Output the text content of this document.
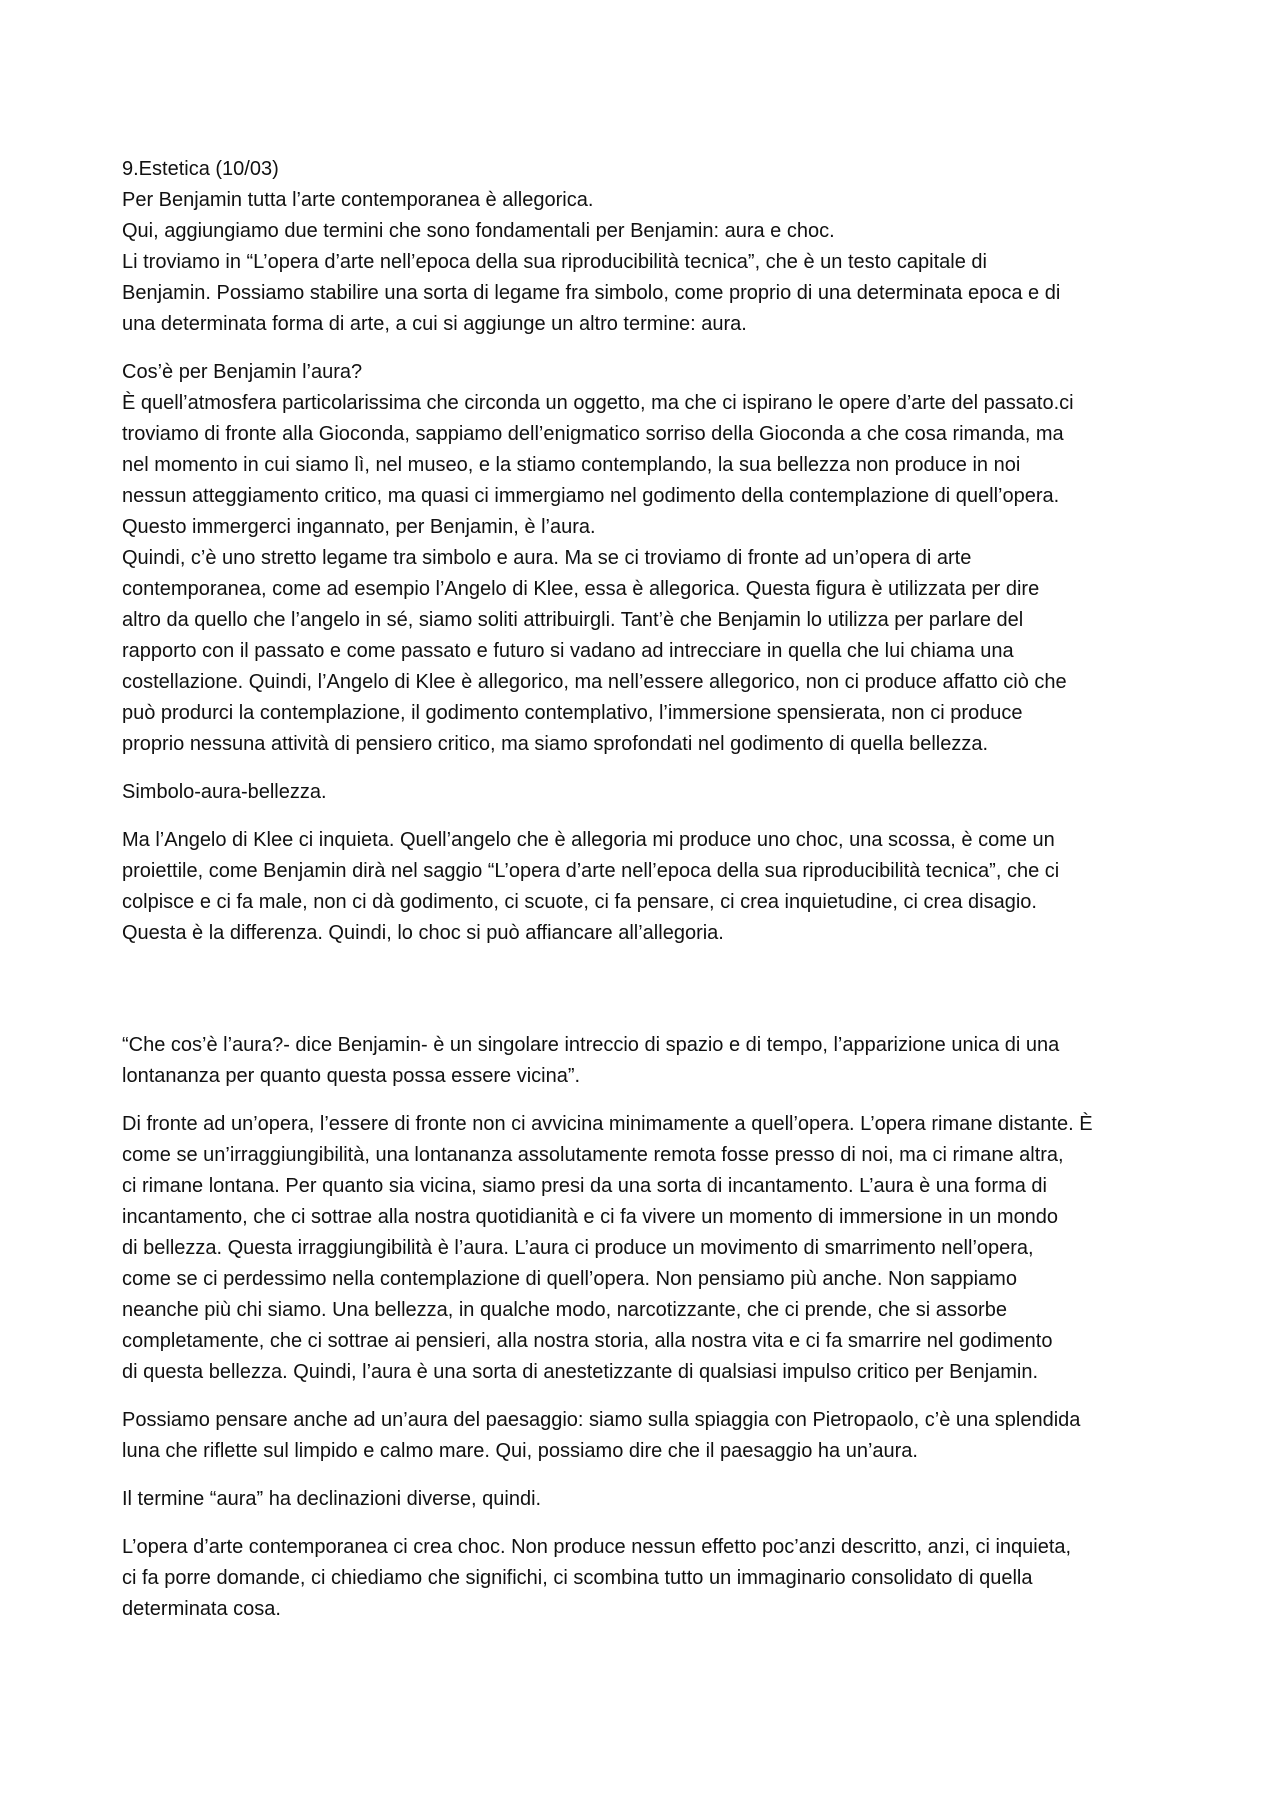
9.Estetica (10/03)
Per Benjamin tutta l’arte contemporanea è allegorica.
Qui, aggiungiamo due termini che sono fondamentali per Benjamin: aura e choc.
Li troviamo in “L’opera d’arte nell’epoca della sua riproducibilità tecnica”, che è un testo capitale di
Benjamin. Possiamo stabilire una sorta di legame fra simbolo, come proprio di una determinata epoca e di
una determinata forma di arte, a cui si aggiunge un altro termine: aura.

Cos’è per Benjamin l’aura?
È quell’atmosfera particolarissima che circonda un oggetto, ma che ci ispirano le opere d’arte del passato.ci
troviamo di fronte alla Gioconda, sappiamo dell’enigmatico sorriso della Gioconda a che cosa rimanda, ma
nel momento in cui siamo lì, nel museo, e la stiamo contemplando, la sua bellezza non produce in noi
nessun atteggiamento critico, ma quasi ci immergiamo nel godimento della contemplazione di quell’opera.
Questo immergerci ingannato, per Benjamin, è l’aura.
Quindi, c’è uno stretto legame tra simbolo e aura. Ma se ci troviamo di fronte ad un’opera di arte
contemporanea, come ad esempio l’Angelo di Klee, essa è allegorica. Questa figura è utilizzata per dire
altro da quello che l’angelo in sé, siamo soliti attribuirgli. Tant’è che Benjamin lo utilizza per parlare del
rapporto con il passato e come passato e futuro si vadano ad intrecciare in quella che lui chiama una
costellazione. Quindi, l’Angelo di Klee è allegorico, ma nell’essere allegorico, non ci produce affatto ciò che
può produrci la contemplazione, il godimento contemplativo, l’immersione spensierata, non ci produce
proprio nessuna attività di pensiero critico, ma siamo sprofondati nel godimento di quella bellezza.

Simbolo-aura-bellezza.

Ma l’Angelo di Klee ci inquieta. Quell’angelo che è allegoria mi produce uno choc, una scossa, è come un
proiettile, come Benjamin dirà nel saggio “L’opera d’arte nell’epoca della sua riproducibilità tecnica”, che ci
colpisce e ci fa male, non ci dà godimento, ci scuote, ci fa pensare, ci crea inquietudine, ci crea disagio.
Questa è la differenza. Quindi, lo choc si può affiancare all’allegoria.

“Che cos’è l’aura?- dice Benjamin- è un singolare intreccio di spazio e di tempo, l’apparizione unica di una
lontananza per quanto questa possa essere vicina”.

Di fronte ad un’opera, l’essere di fronte non ci avvicina minimamente a quell’opera. L’opera rimane distante. È
come se un’irraggiungibilità, una lontananza assolutamente remota fosse presso di noi, ma ci rimane altra,
ci rimane lontana. Per quanto sia vicina, siamo presi da una sorta di incantamento. L’aura è una forma di
incantamento, che ci sottrae alla nostra quotidianità e ci fa vivere un momento di immersione in un mondo
di bellezza. Questa irraggiungibilità è l’aura. L’aura ci produce un movimento di smarrimento nell’opera,
come se ci perdessimo nella contemplazione di quell’opera. Non pensiamo più anche. Non sappiamo
neanche più chi siamo. Una bellezza, in qualche modo, narcotizzante, che ci prende, che si assorbe
completamente, che ci sottrae ai pensieri, alla nostra storia, alla nostra vita e ci fa smarrire nel godimento
di questa bellezza. Quindi, l’aura è una sorta di anestetizzante di qualsiasi impulso critico per Benjamin.

Possiamo pensare anche ad un’aura del paesaggio: siamo sulla spiaggia con Pietropaolo, c’è una splendida
luna che riflette sul limpido e calmo mare. Qui, possiamo dire che il paesaggio ha un’aura.

Il termine “aura” ha declinazioni diverse, quindi.

L’opera d’arte contemporanea ci crea choc. Non produce nessun effetto poc’anzi descritto, anzi, ci inquieta,
ci fa porre domande, ci chiediamo che significhi, ci scombina tutto un immaginario consolidato di quella
determinata cosa.
